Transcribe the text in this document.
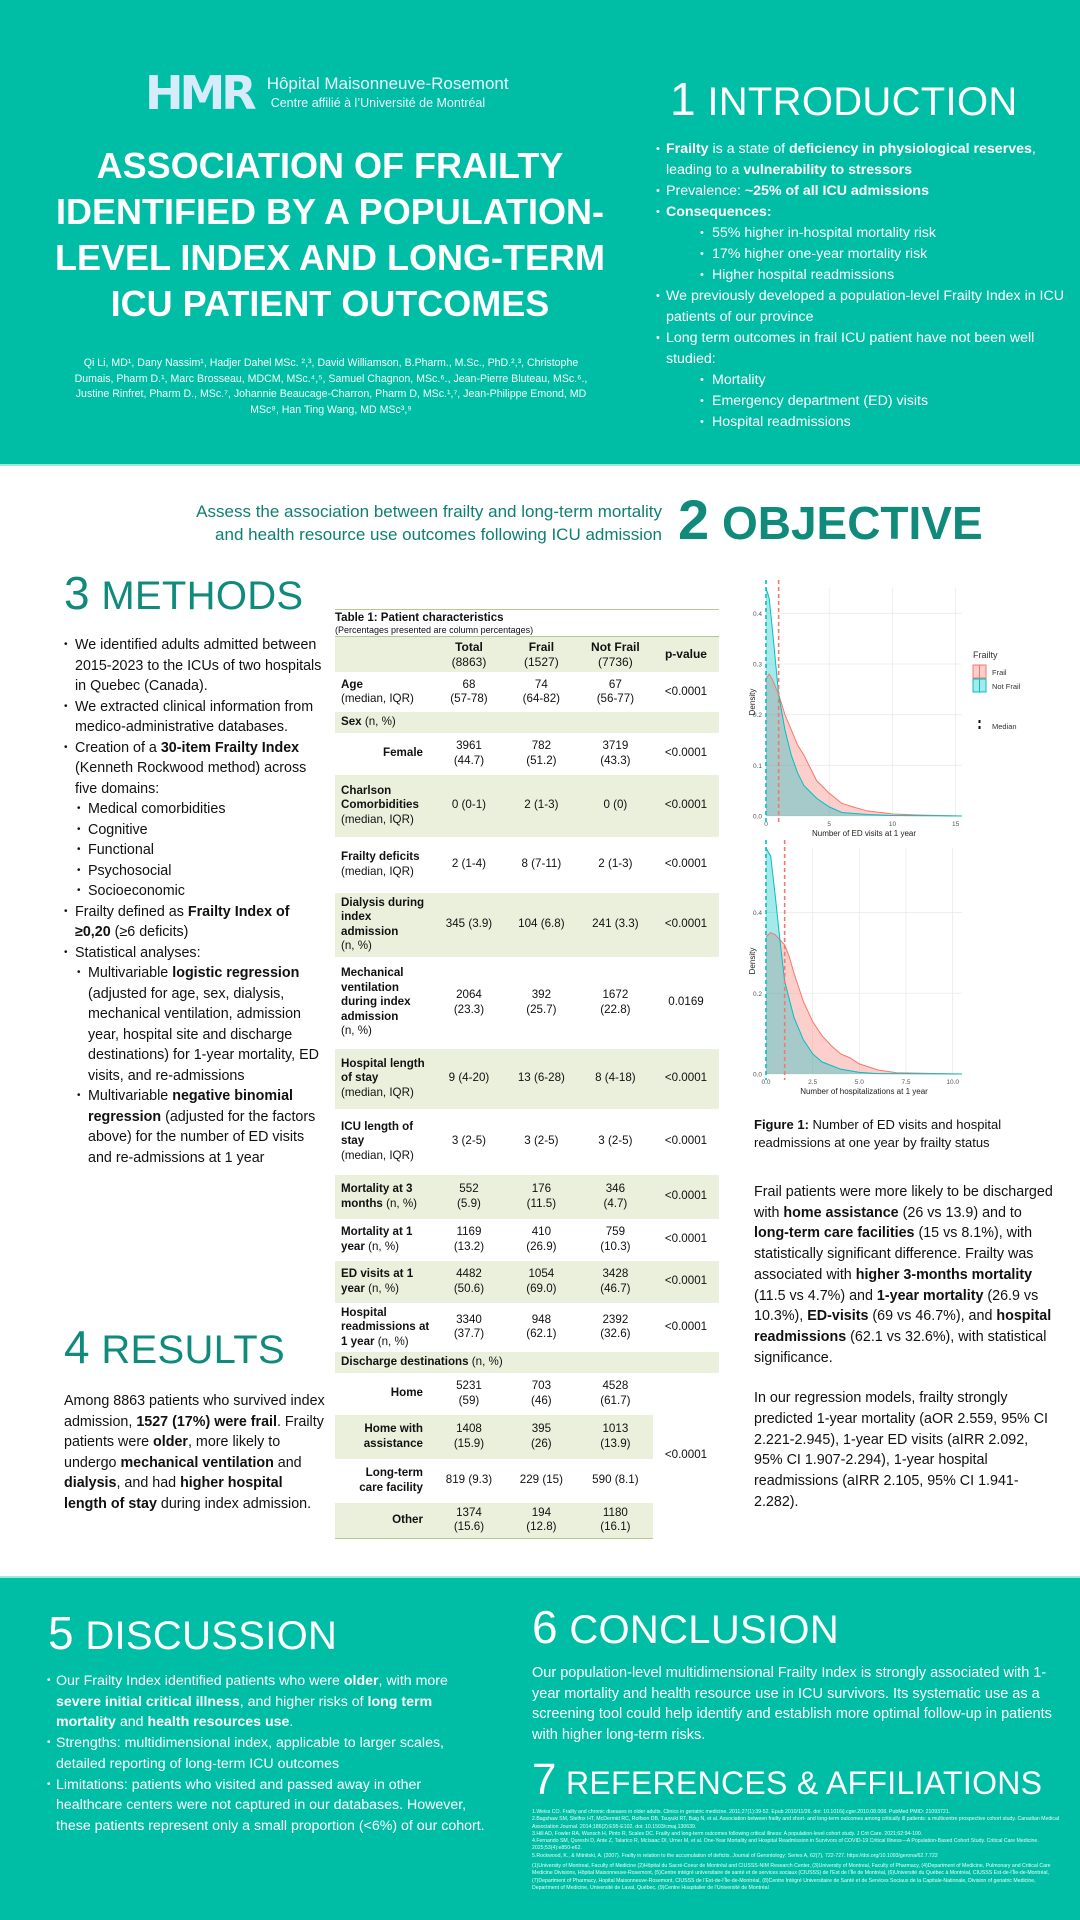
HMR Hôpital Maisonneuve-Rosemont
Centre affilié à l’Université de Montréal
ASSOCIATION OF FRAILTY
IDENTIFIED BY A POPULATION-
LEVEL INDEX AND LONG-TERM
ICU PATIENT OUTCOMES
Qi Li, MD¹, Dany Nassim¹, Hadjer Dahel MSc. ²,³, David Williamson, B.Pharm., M.Sc., PhD.²,³, Christophe Dumais, Pharm D.¹, Marc Brosseau, MDCM, MSc.⁴,⁵, Samuel Chagnon, MSc.⁶., Jean-Pierre Bluteau, MSc.⁶., Justine Rinfret, Pharm D., MSc.⁷, Johannie Beaucage-Charron, Pharm D, MSc.¹,⁷, Jean-Philippe Emond, MD MSc⁸, Han Ting Wang, MD MSc³,⁹
1 INTRODUCTION
• Frailty is a state of deficiency in physiological reserves, leading to a vulnerability to stressors
• Prevalence: ~25% of all ICU admissions
• Consequences:
• 55% higher in-hospital mortality risk
• 17% higher one-year mortality risk
• Higher hospital readmissions
• We previously developed a population-level Frailty Index in ICU patients of our province
• Long term outcomes in frail ICU patient have not been well studied:
• Mortality
• Emergency department (ED) visits
• Hospital readmissions
Assess the association between frailty and long-term mortality
and health resource use outcomes following ICU admission 2 OBJECTIVE
3 METHODS
• We identified adults admitted between 2015-2023 to the ICUs of two hospitals in Quebec (Canada).
• We extracted clinical information from medico-administrative databases.
• Creation of a 30-item Frailty Index (Kenneth Rockwood method) across five domains:
• Medical comorbidities
• Cognitive
• Functional
• Psychosocial
• Socioeconomic
• Frailty defined as Frailty Index of ≥0,20 (≥6 deficits)
• Statistical analyses:
• Multivariable logistic regression (adjusted for age, sex, dialysis, mechanical ventilation, admission year, hospital site and discharge destinations) for 1-year mortality, ED visits, and re-admissions
• Multivariable negative binomial regression (adjusted for the factors above) for the number of ED visits and re-admissions at 1 year
4 RESULTS

Among 8863 patients who survived index admission, 1527 (17%) were frail. Frailty patients were older, more likely to undergo mechanical ventilation and dialysis, and had higher hospital length of stay during index admission.

Table 1: Patient characteristics
(Percentages presented are column percentages)

	Total
(8863)	Frail
(1527)	Not Frail
(7736)	p-value

Age
(median, IQR)	68
(57-78)	74
(64-82)	67
(56-77)	<0.0001
Sex (n, %)				
Female	3961
(44.7)	782
(51.2)	3719
(43.3)	<0.0001
Charlson Comorbidities
(median, IQR)	0 (0-1)	2 (1-3)	0 (0)	<0.0001
Frailty deficits
(median, IQR)	2 (1-4)	8 (7-11)	2 (1-3)	<0.0001
Dialysis during index admission
(n, %)	345 (3.9)	104 (6.8)	241 (3.3)	<0.0001
Mechanical ventilation during index admission
(n, %)	2064
(23.3)	392
(25.7)	1672
(22.8)	0.0169
Hospital length of stay
(median, IQR)	9 (4-20)	13 (6-28)	8 (4-18)	<0.0001
ICU length of stay
(median, IQR)	3 (2-5)	3 (2-5)	3 (2-5)	<0.0001
Mortality at 3 months (n, %)	552
(5.9)	176
(11.5)	346
(4.7)	<0.0001
Mortality at 1 year (n, %)	1169
(13.2)	410
(26.9)	759
(10.3)	<0.0001
ED visits at 1 year (n, %)	4482
(50.6)	1054
(69.0)	3428
(46.7)	<0.0001
Hospital readmissions at 1 year (n, %)	3340
(37.7)	948
(62.1)	2392
(32.6)	<0.0001
Discharge destinations (n, %)				
Home	5231
(59)	703
(46)	4528
(61.7)	<0.0001
Home with assistance	1408
(15.9)	395
(26)	1013
(13.9)	
Long-term care facility	819 (9.3)	229 (15)	590 (8.1)	
Other	1374
(15.6)	194
(12.8)	1180
(16.1)	
0.0
0.1
0.2
0.3
0.4
0	5	10	15
Number of ED visits at 1 year
Density
Frailty
Frail
Not Frail
Median
0.0
0.2
0.4
0.0	2.5	5.0	7.5	10.0
Number of hospitalizations at 1 year
Density
Figure 1: Number of ED visits and hospital readmissions at one year by frailty status

Frail patients were more likely to be discharged with home assistance (26 vs 13.9) and to long-term care facilities (15 vs 8.1%), with statistically significant difference. Frailty was associated with higher 3-months mortality (11.5 vs 4.7%) and 1-year mortality (26.9 vs 10.3%), ED-visits (69 vs 46.7%), and hospital readmissions (62.1 vs 32.6%), with statistical significance.

In our regression models, frailty strongly predicted 1-year mortality (aOR 2.559, 95% CI 2.221-2.945), 1-year ED visits (aIRR 2.092, 95% CI 1.907-2.294), 1-year hospital readmissions (aIRR 2.105, 95% CI 1.941-2.282).

5 DISCUSSION
• Our Frailty Index identified patients who were older, with more severe initial critical illness, and higher risks of long term mortality and health resources use.
• Strengths: multidimensional index, applicable to larger scales, detailed reporting of long-term ICU outcomes
• Limitations: patients who visited and passed away in other healthcare centers were not captured in our databases. However, these patients represent only a small proportion (<6%) of our cohort.
6 CONCLUSION

Our population-level multidimensional Frailty Index is strongly associated with 1-year mortality and health resource use in ICU survivors. Its systematic use as a screening tool could help identify and establish more optimal follow-up in patients with higher long-term risks.

7 REFERENCES & AFFILIATIONS
1.Weiss CO. Frailty and chronic diseases in older adults. Clinics in geriatric medicine. 2011;27(1):39-52. Epub 2010/11/26. doi: 10.1016/j.cger.2010.08.008. PubMed PMID: 21093721.
2.Bagshaw SM, Stelfox HT, McDermid RC, Rolfson DB, Tsuyuki RT, Baig N, et al. Association between frailty and short- and long-term outcomes among critically ill patients: a multicentre prospective cohort study. Canadian Medical Association Journal. 2014;186(2):E95-E102. doi: 10.1503/cmaj.130639.
3.Hill AD, Fowler RA, Wunsch H, Pinto R, Scales DC. Frailty and long-term outcomes following critical illness: A population-level cohort study. J Crit Care. 2021;62:94-100.
4.Fernando SM, Qureshi D, Ante Z, Talarico R, McIsaac DI, Urner M, et al. One-Year Mortality and Hospital Readmission in Survivors of COVID-19 Critical Illness—A Population-Based Cohort Study. Critical Care Medicine. 2025;53(4):e850-e62.
5.Rockwood, K., & Mitnitski, A. (2007). Frailty in relation to the accumulation of deficits. Journal of Gerontology: Series A, 62(7), 722-727. https://doi.org/10.1093/gerona/62.7.722
(1)University of Montreal, Faculty of Medicine (2)Hôpital du Sacré-Coeur de Montréal and CIUSSS-NIM Research Center, (3)University of Montreal, Faculty of Pharmacy, (4)Department of Medicine, Pulmonary and Critical Care Medicine Divisions, Hôpital Maisonneuve-Rosemont, (5)Centre intégré universitaire de santé et de services sociaux (CIUSSS) de l’Est de l’Île de Montréal, (6)Université du Québec à Montréal, CIUSSS Est-de-l’Île-de-Montréal, (7)Department of Pharmacy, Hopital Maisonneuve-Rosemont, CIUSSS de l’Est-de-l’Île-de-Montréal, (8)Centre Intégré Universitaire de Santé et de Services Sociaux de la Capitale-Nationale, Division of geriatric Medicine, Department of Medicine, Université de Laval, Québec, (9)Centre Hospitalier de l’Université de Montréal
